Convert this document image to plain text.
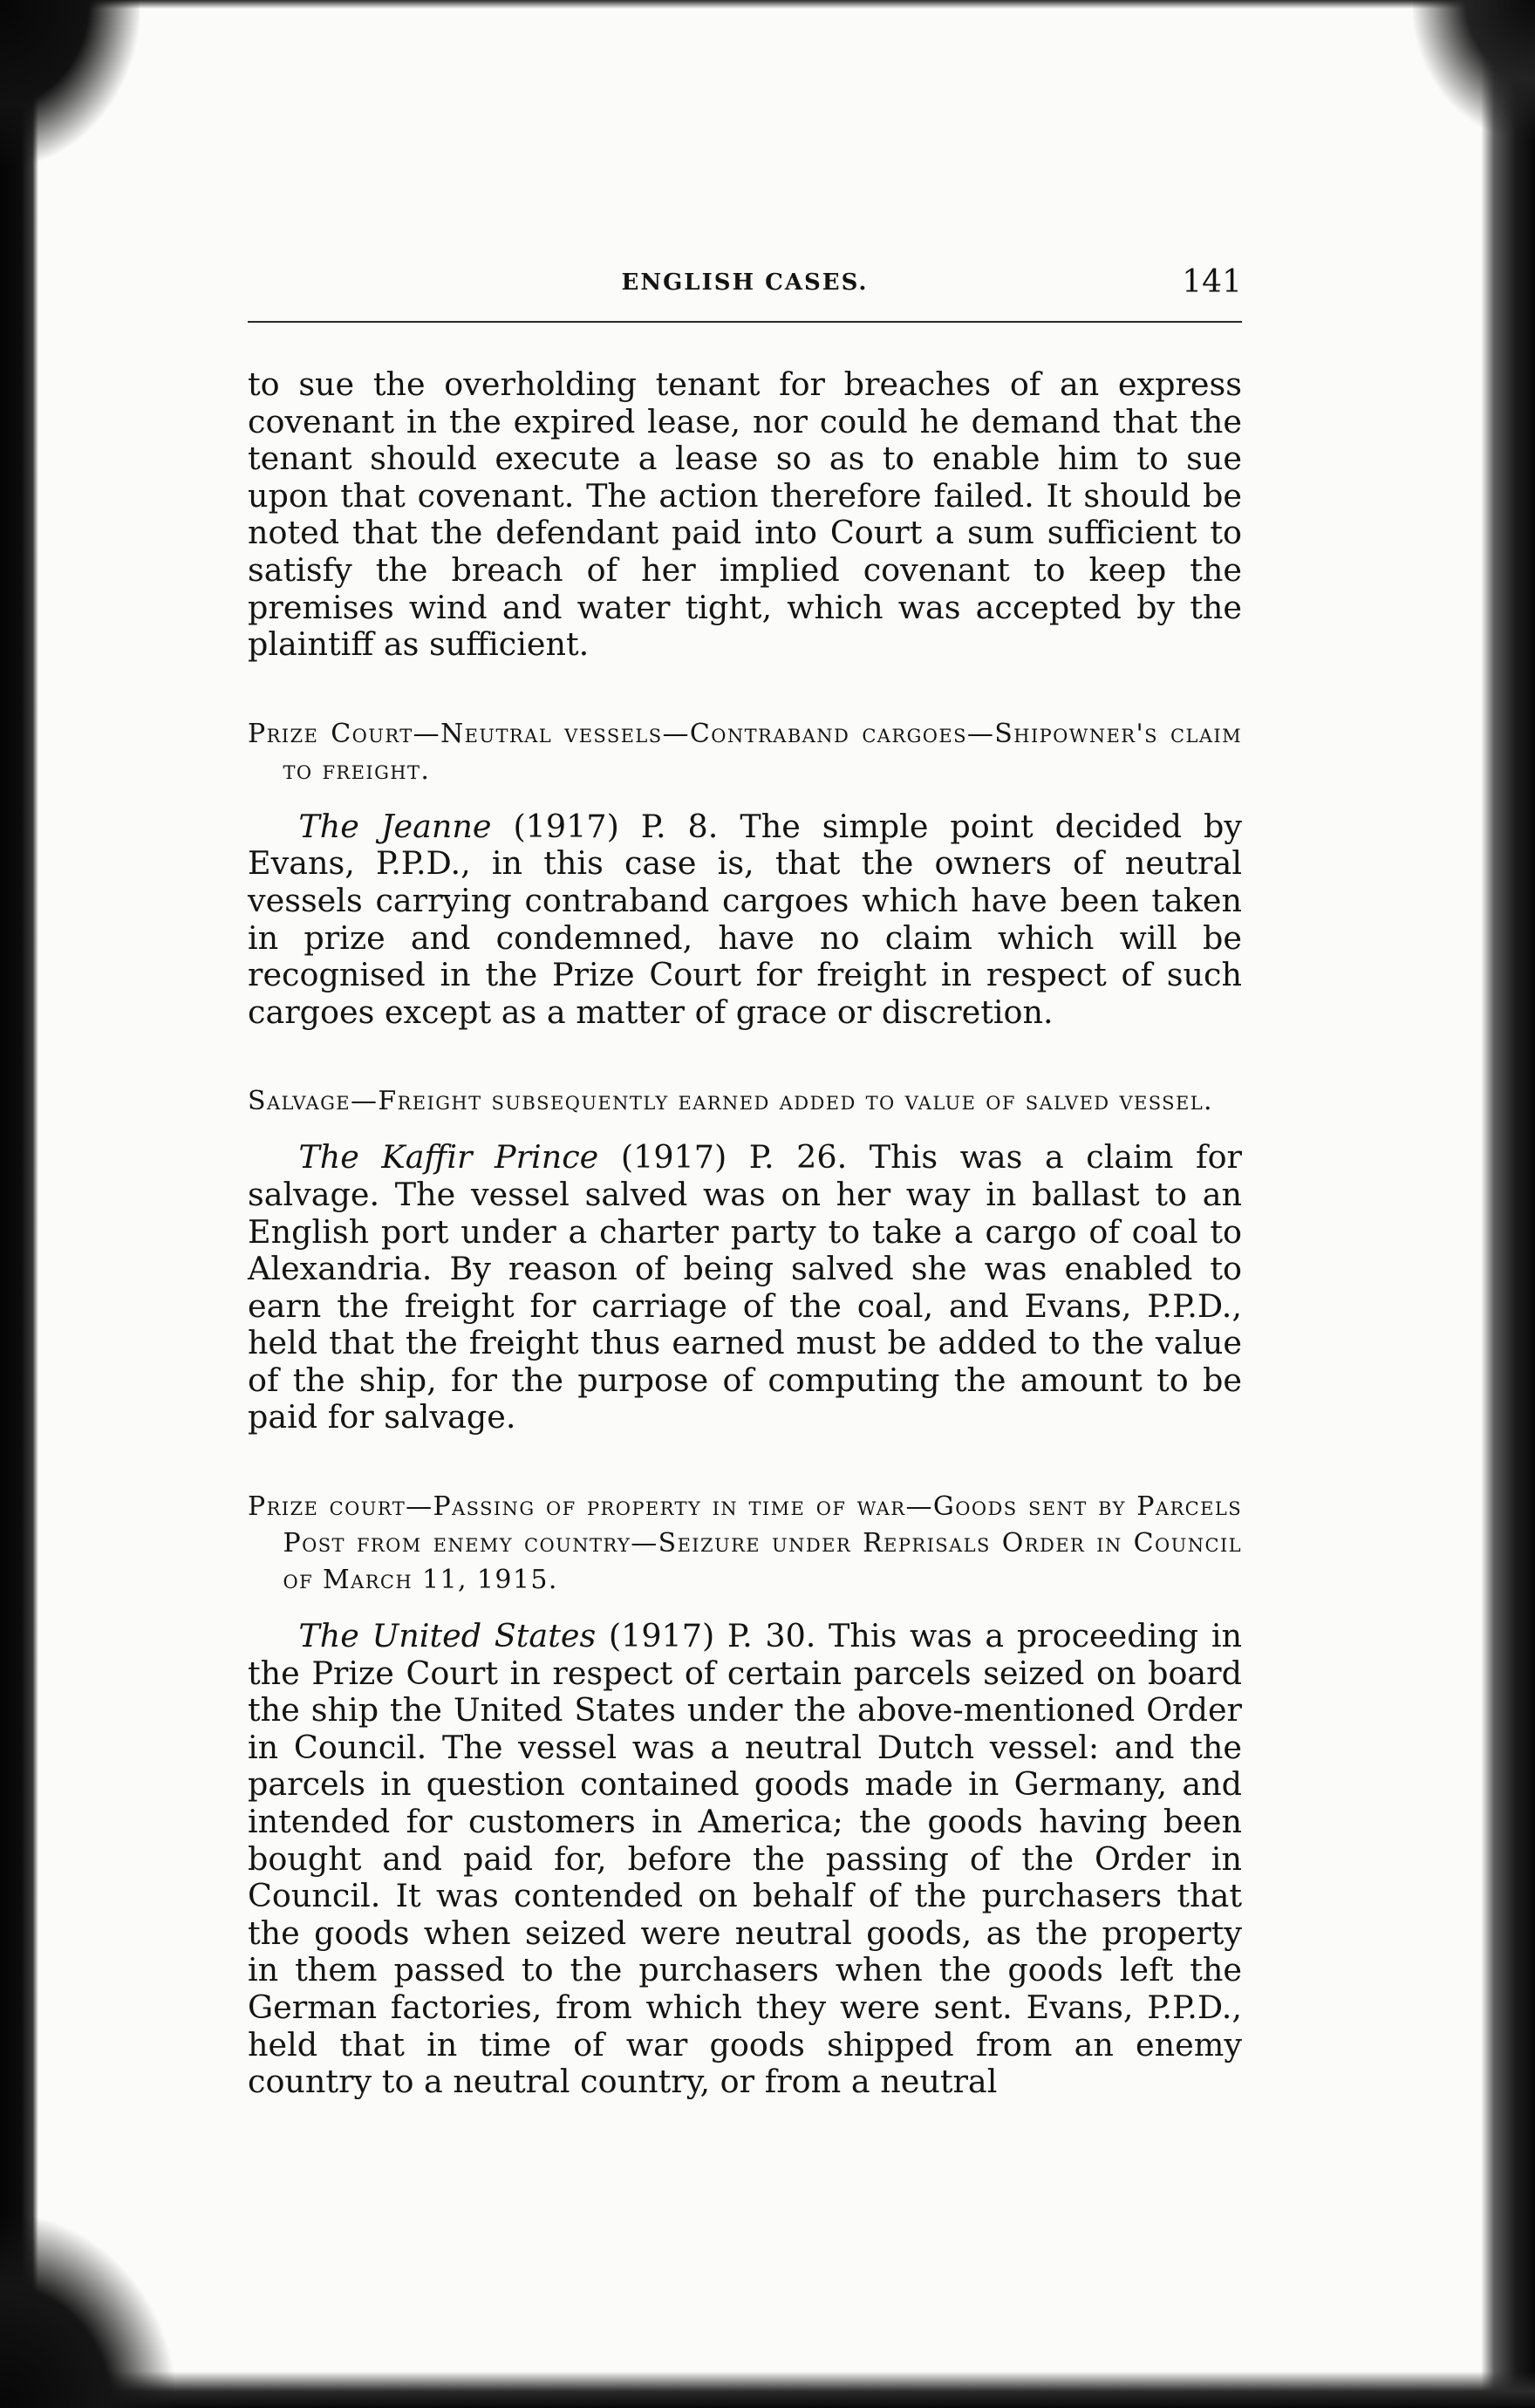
ENGLISH CASES.	141

to sue the overholding tenant for breaches of an express covenant in the expired lease, nor could he demand that the tenant should execute a lease so as to enable him to sue upon that covenant. The action therefore failed. It should be noted that the defendant paid into Court a sum sufficient to satisfy the breach of her implied covenant to keep the premises wind and water tight, which was accepted by the plaintiff as sufficient.

Prize Court—Neutral vessels—Contraband cargoes—Shipowner's claim to freight.

The Jeanne (1917) P. 8. The simple point decided by Evans, P.P.D., in this case is, that the owners of neutral vessels carrying contraband cargoes which have been taken in prize and condemned, have no claim which will be recognised in the Prize Court for freight in respect of such cargoes except as a matter of grace or discretion.

Salvage—Freight subsequently earned added to value of salved vessel.

The Kaffir Prince (1917) P. 26. This was a claim for salvage. The vessel salved was on her way in ballast to an English port under a charter party to take a cargo of coal to Alexandria. By reason of being salved she was enabled to earn the freight for carriage of the coal, and Evans, P.P.D., held that the freight thus earned must be added to the value of the ship, for the purpose of computing the amount to be paid for salvage.

Prize court—Passing of property in time of war—Goods sent by Parcels Post from enemy country—Seizure under Reprisals Order in Council of March 11, 1915.

The United States (1917) P. 30. This was a proceeding in the Prize Court in respect of certain parcels seized on board the ship the United States under the above-mentioned Order in Council. The vessel was a neutral Dutch vessel: and the parcels in question contained goods made in Germany, and intended for customers in America; the goods having been bought and paid for, before the passing of the Order in Council. It was contended on behalf of the purchasers that the goods when seized were neutral goods, as the property in them passed to the purchasers when the goods left the German factories, from which they were sent. Evans, P.P.D., held that in time of war goods shipped from an enemy country to a neutral country, or from a neutral
